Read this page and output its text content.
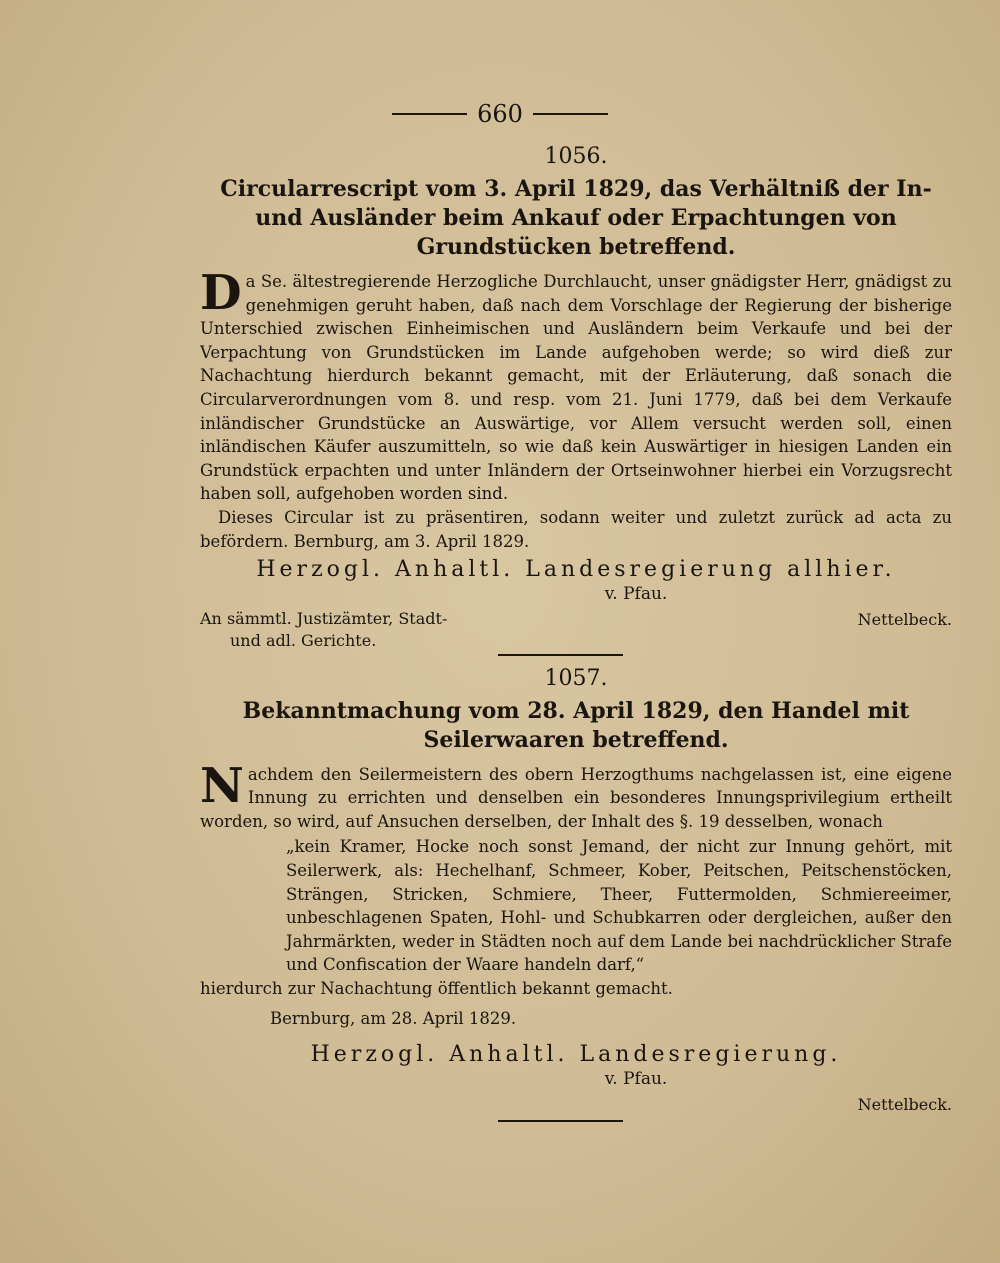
660
1056.
Circularrescript vom 3. April 1829, das Verhältniß der In- und Ausländer beim Ankauf oder Erpachtungen von Grundstücken betreffend.

Da Se. ältestregierende Herzogliche Durchlaucht, unser gnädigster Herr, gnädigst zu genehmigen geruht haben, daß nach dem Vorschlage der Regierung der bisherige Unterschied zwischen Einheimischen und Ausländern beim Verkaufe und bei der Verpachtung von Grundstücken im Lande aufgehoben werde; so wird dieß zur Nachachtung hierdurch bekannt gemacht, mit der Erläuterung, daß sonach die Circularverordnungen vom 8. und resp. vom 21. Juni 1779, daß bei dem Verkaufe inländischer Grundstücke an Auswärtige, vor Allem versucht werden soll, einen inländischen Käufer auszumitteln, so wie daß kein Auswärtiger in hiesigen Landen ein Grundstück erpachten und unter Inländern der Ortseinwohner hierbei ein Vorzugsrecht haben soll, aufgehoben worden sind.

Dieses Circular ist zu präsentiren, sodann weiter und zuletzt zurück ad acta zu befördern. Bernburg, am 3. April 1829.

Herzogl. Anhaltl. Landesregierung allhier.
v. Pfau.
An sämmtl. Justizämter, Stadt-
und adl. Gerichte.
Nettelbeck.
1057.
Bekanntmachung vom 28. April 1829, den Handel mit Seilerwaaren betreffend.

Nachdem den Seilermeistern des obern Herzogthums nachgelassen ist, eine eigene Innung zu errichten und denselben ein besonderes Innungsprivilegium ertheilt worden, so wird, auf Ansuchen derselben, der Inhalt des §. 19 desselben, wonach

„kein Kramer, Hocke noch sonst Jemand, der nicht zur Innung gehört, mit Seilerwerk, als: Hechelhanf, Schmeer, Kober, Peitschen, Peitschenstöcken, Strängen, Stricken, Schmiere, Theer, Futtermolden, Schmiereeimer, unbeschlagenen Spaten, Hohl- und Schubkarren oder dergleichen, außer den Jahrmärkten, weder in Städten noch auf dem Lande bei nachdrücklicher Strafe und Confiscation der Waare handeln darf,“

hierdurch zur Nachachtung öffentlich bekannt gemacht.

Bernburg, am 28. April 1829.

Herzogl. Anhaltl. Landesregierung.
v. Pfau.
Nettelbeck.
